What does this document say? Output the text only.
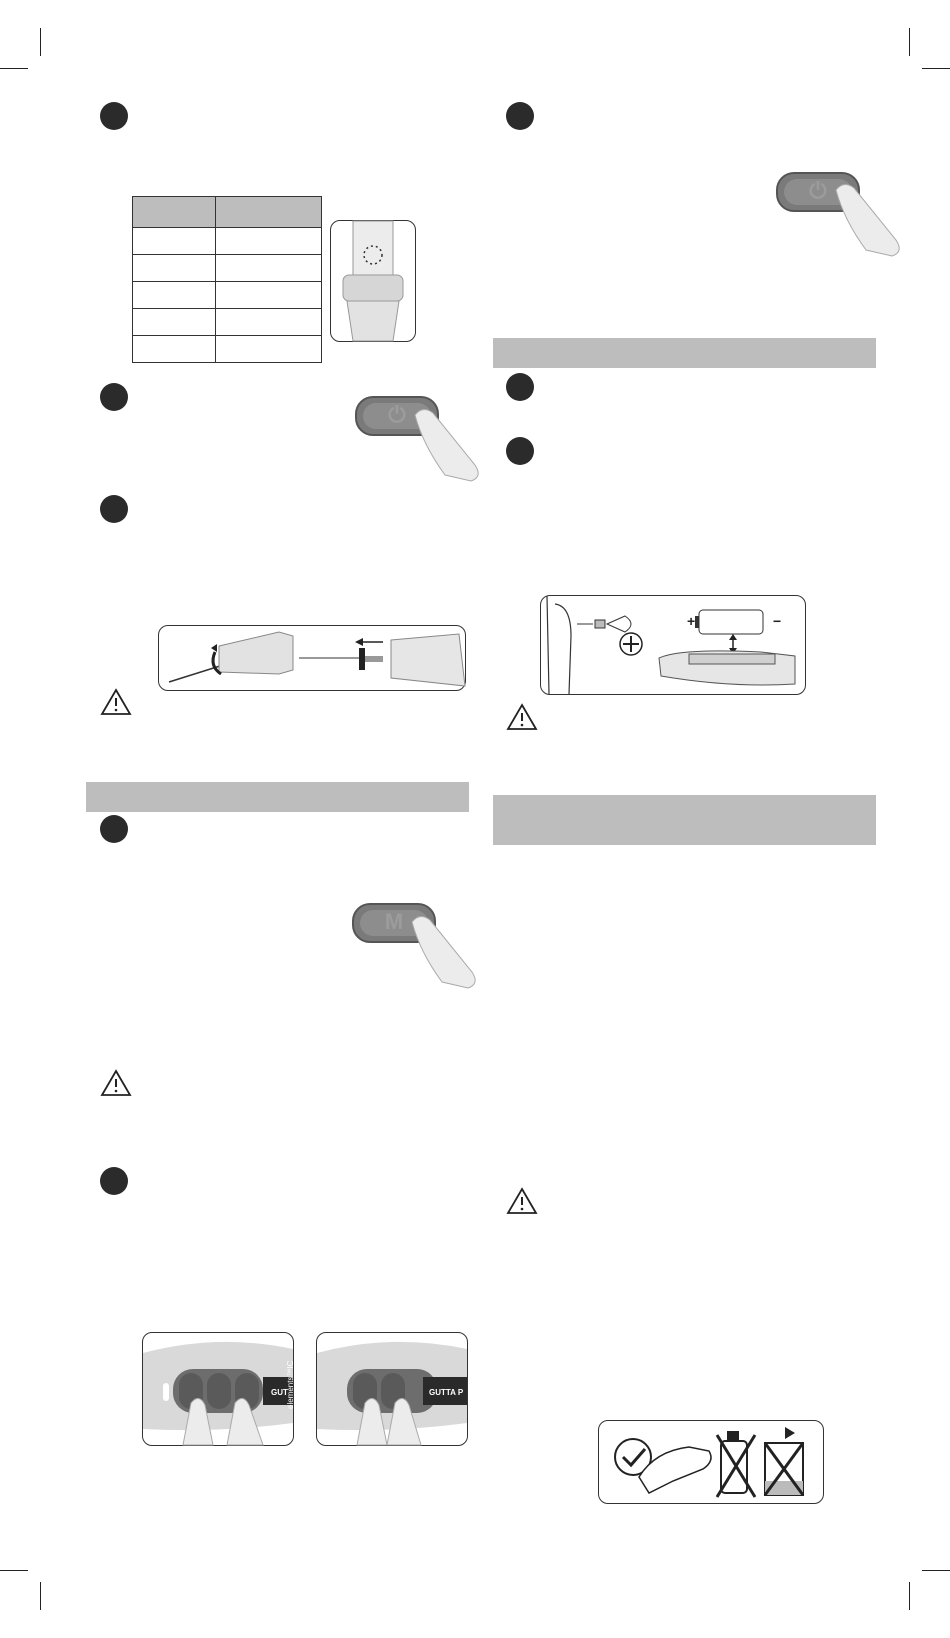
⏻
M
elements™IC
GUT	GUTTA P
⏻
+	−
